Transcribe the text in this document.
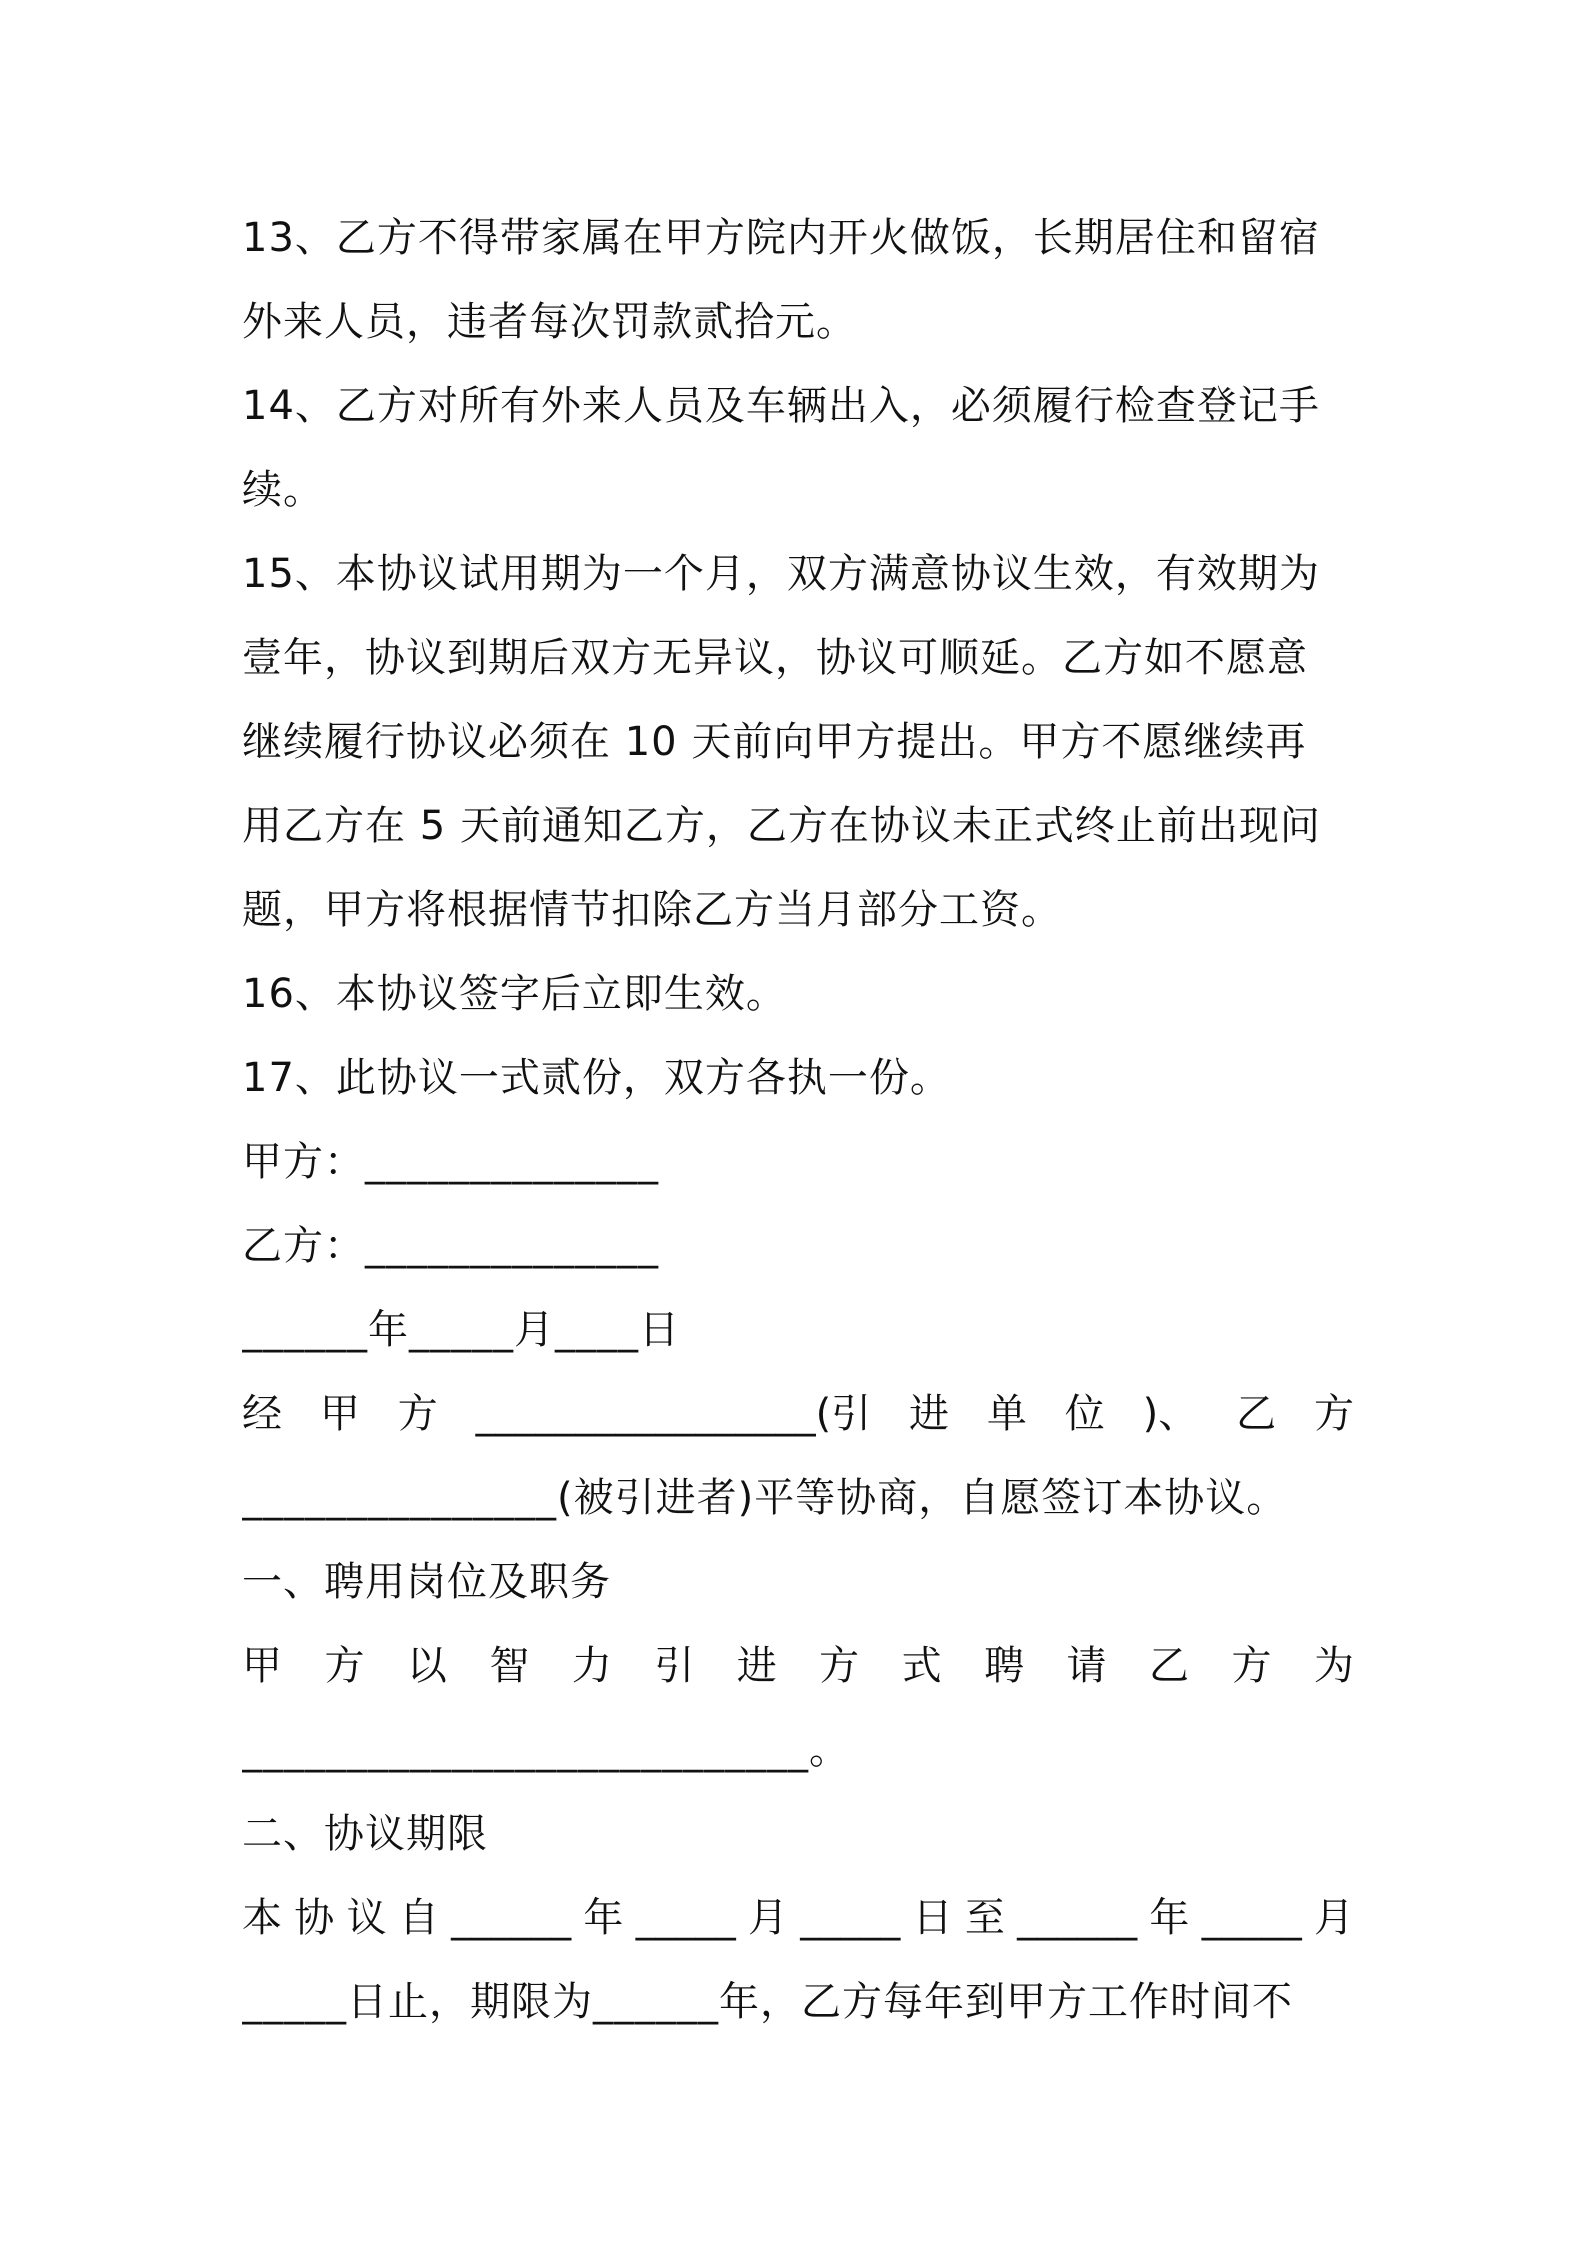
13、乙方不得带家属在甲方院内开火做饭，长期居住和留宿
外来人员，违者每次罚款贰拾元。
14、乙方对所有外来人员及车辆出入，必须履行检查登记手
续。
15、本协议试用期为一个月，双方满意协议生效，有效期为
壹年，协议到期后双方无异议，协议可顺延。乙方如不愿意
继续履行协议必须在 10 天前向甲方提出。甲方不愿继续再
用乙方在 5 天前通知乙方，乙方在协议未正式终止前出现问
题，甲方将根据情节扣除乙方当月部分工资。
16、本协议签字后立即生效。
17、此协议一式贰份，双方各执一份。
甲方：______________
乙方：______________
______年_____月____日
经 甲 方 _________________(引 进 单 位 )、 乙 方
_______________(被引进者)平等协商，自愿签订本协议。
一、聘用岗位及职务
甲 方 以 智 力 引 进 方 式 聘 请 乙 方 为
___________________________。
二、协议期限
本协议自______年_____月_____日至______年_____月
_____日止，期限为______年，乙方每年到甲方工作时间不
